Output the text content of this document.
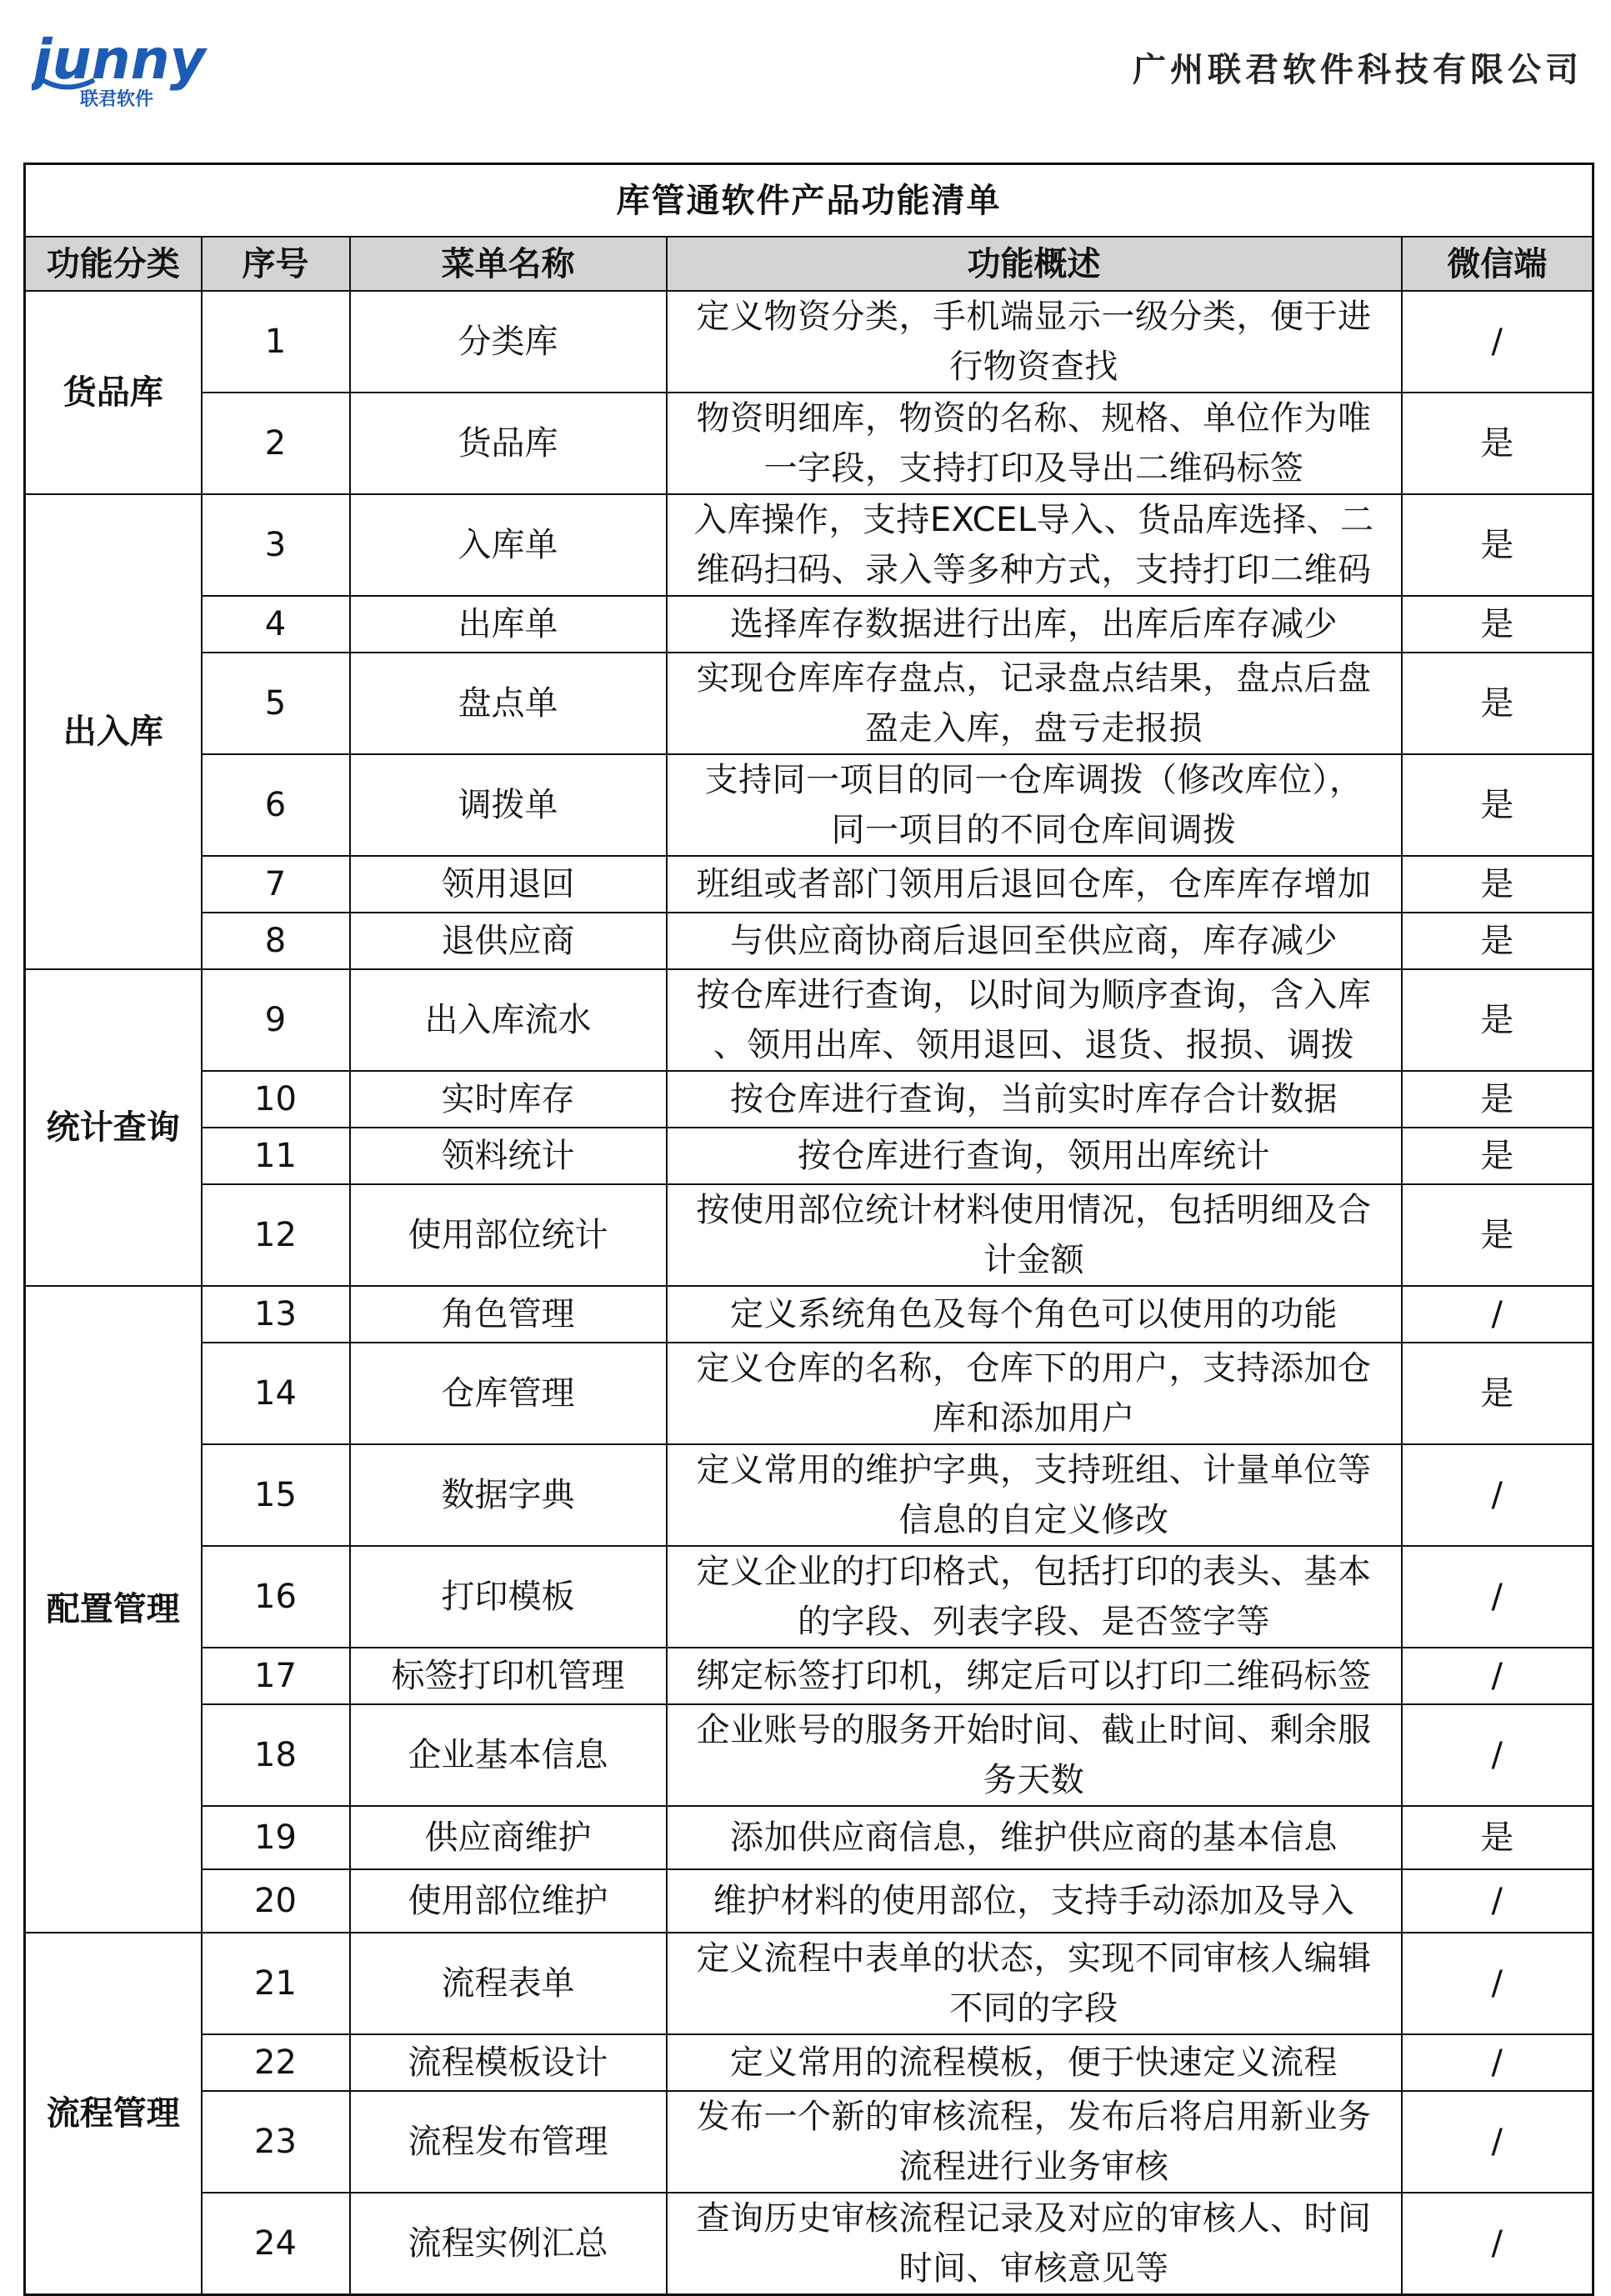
junny
联君软件
广州联君软件科技有限公司
库管通软件产品功能清单				
功能分类	序号	菜单名称	功能概述	微信端
货品库	1	分类库	定义物资分类，手机端显示一级分类，便于进
行物资查找	/
	2	货品库	物资明细库，物资的名称、规格、单位作为唯
一字段，支持打印及导出二维码标签	是
出入库	3	入库单	入库操作，支持EXCEL导入、货品库选择、二
维码扫码、录入等多种方式，支持打印二维码	是
	4	出库单	选择库存数据进行出库，出库后库存减少	是
	5	盘点单	实现仓库库存盘点，记录盘点结果，盘点后盘
盈走入库，盘亏走报损	是
	6	调拨单	支持同一项目的同一仓库调拨（修改库位），
同一项目的不同仓库间调拨	是
	7	领用退回	班组或者部门领用后退回仓库，仓库库存增加	是
	8	退供应商	与供应商协商后退回至供应商，库存减少	是
统计查询	9	出入库流水	按仓库进行查询，以时间为顺序查询，含入库
、领用出库、领用退回、退货、报损、调拨	是
	10	实时库存	按仓库进行查询，当前实时库存合计数据	是
	11	领料统计	按仓库进行查询，领用出库统计	是
	12	使用部位统计	按使用部位统计材料使用情况，包括明细及合
计金额	是
配置管理	13	角色管理	定义系统角色及每个角色可以使用的功能	/
	14	仓库管理	定义仓库的名称，仓库下的用户，支持添加仓
库和添加用户	是
	15	数据字典	定义常用的维护字典，支持班组、计量单位等
信息的自定义修改	/
	16	打印模板	定义企业的打印格式，包括打印的表头、基本
的字段、列表字段、是否签字等	/
	17	标签打印机管理	绑定标签打印机，绑定后可以打印二维码标签	/
	18	企业基本信息	企业账号的服务开始时间、截止时间、剩余服
务天数	/
	19	供应商维护	添加供应商信息，维护供应商的基本信息	是
	20	使用部位维护	维护材料的使用部位，支持手动添加及导入	/
流程管理	21	流程表单	定义流程中表单的状态，实现不同审核人编辑
不同的字段	/
	22	流程模板设计	定义常用的流程模板，便于快速定义流程	/
	23	流程发布管理	发布一个新的审核流程，发布后将启用新业务
流程进行业务审核	/
	24	流程实例汇总	查询历史审核流程记录及对应的审核人、时间
时间、审核意见等	/
